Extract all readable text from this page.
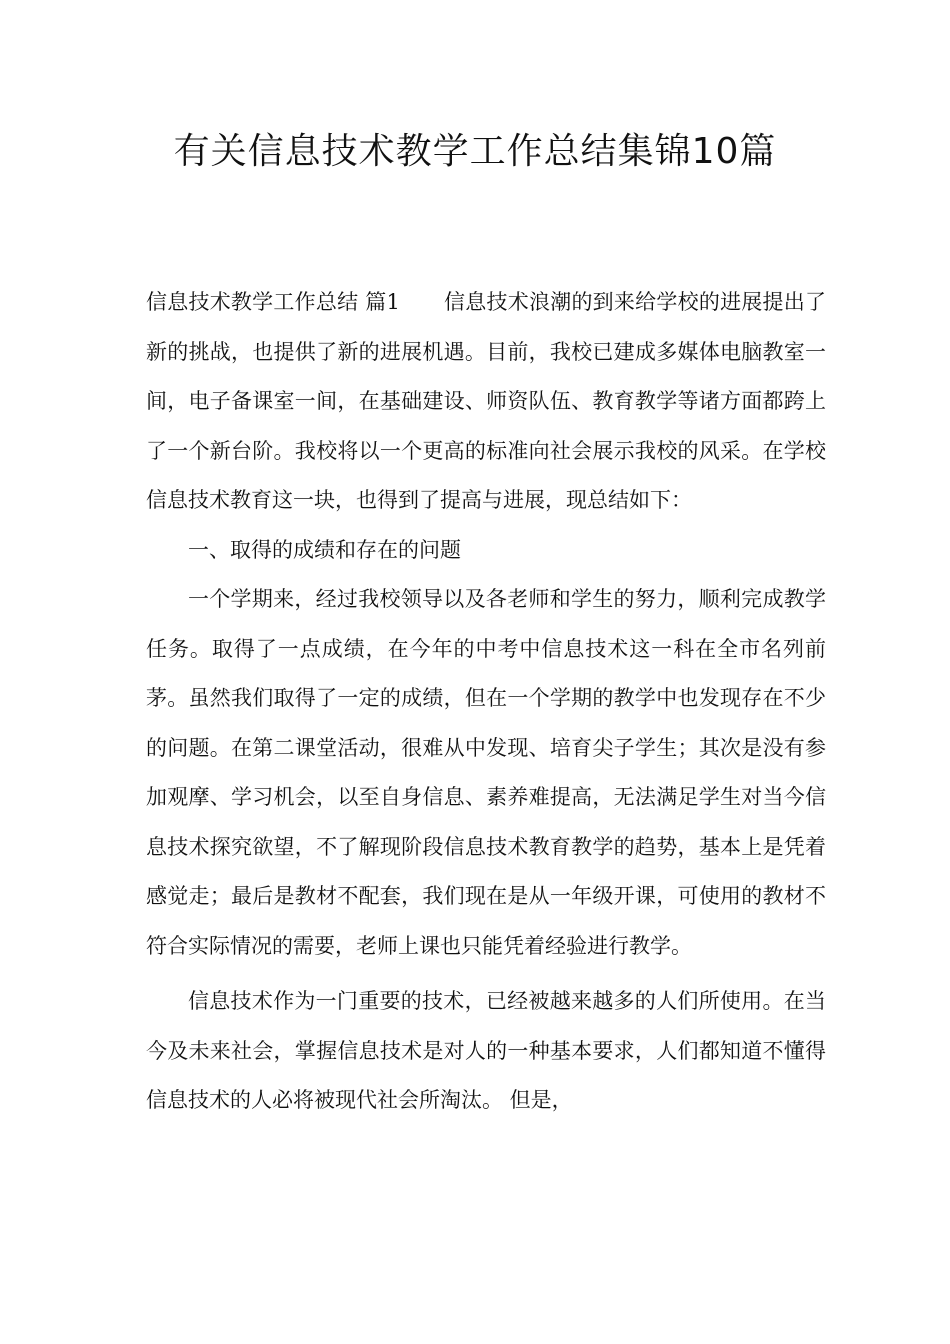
有关信息技术教学工作总结集锦10篇

信息技术教学工作总结 篇1 信息技术浪潮的到来给学校的进展提出了新的挑战，也提供了新的进展机遇。目前，我校已建成多媒体电脑教室一间，电子备课室一间，在基础建设、师资队伍、教育教学等诸方面都跨上了一个新台阶。我校将以一个更高的标准向社会展示我校的风采。在学校信息技术教育这一块，也得到了提高与进展，现总结如下：

一、取得的成绩和存在的问题

一个学期来，经过我校领导以及各老师和学生的努力，顺利完成教学任务。取得了一点成绩，在今年的中考中信息技术这一科在全市名列前茅。虽然我们取得了一定的成绩，但在一个学期的教学中也发现存在不少的问题。在第二课堂活动，很难从中发现、培育尖子学生；其次是没有参加观摩、学习机会，以至自身信息、素养难提高，无法满足学生对当今信息技术探究欲望，不了解现阶段信息技术教育教学的趋势，基本上是凭着感觉走；最后是教材不配套，我们现在是从一年级开课，可使用的教材不符合实际情况的需要，老师上课也只能凭着经验进行教学。

信息技术作为一门重要的技术，已经被越来越多的人们所使用。在当今及未来社会，掌握信息技术是对人的一种基本要求，人们都知道不懂得信息技术的人必将被现代社会所淘汰。 但是，
